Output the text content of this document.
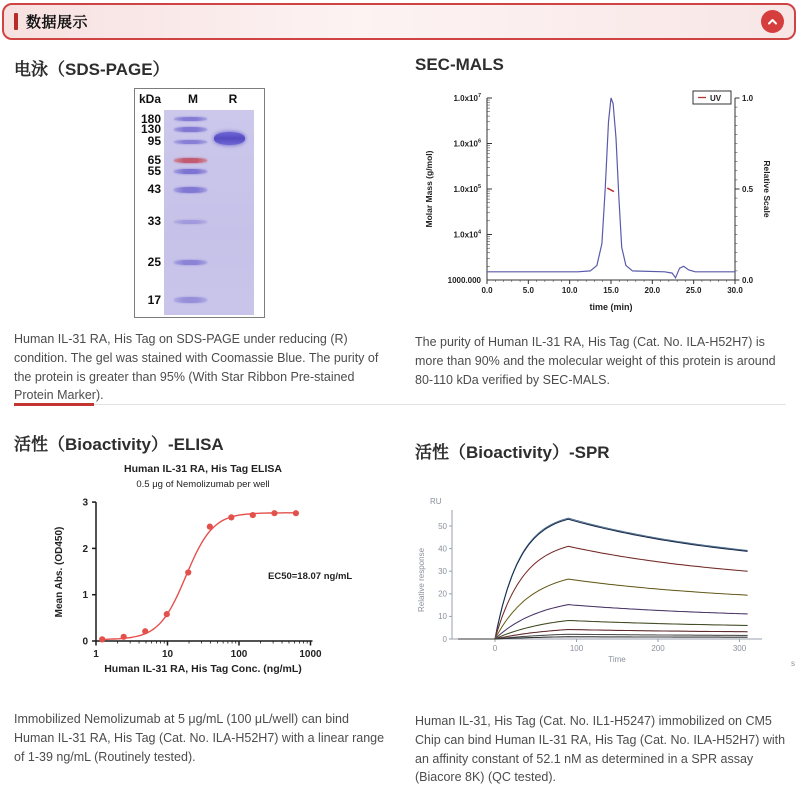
数据展示
电泳（SDS-PAGE）
kDa M	R
180
130
95
65
55
43
33
25
17

Human IL-31 RA, His Tag on SDS-PAGE under reducing (R) condition. The gel was stained with Coomassie Blue. The purity of the protein is greater than 95% (With Star Ribbon Pre-stained Protein Marker).

SEC-MALS
$1.0x10^7$
$1.0x10^6$
$1.0x10^5$
$1.0x10^4$
1000.000
1.0
0.5
0.0
0.0	5.0	10.0	15.0	20.0	25.0	30.0
time (min)
Molar Mass (g/mol)	Relative Scale
UV

The purity of Human IL-31 RA, His Tag (Cat. No. ILA-H52H7) is more than 90% and the molecular weight of this protein is around 80-110 kDa verified by SEC-MALS.

活性（Bioactivity）-ELISA
Human IL-31 RA, His Tag ELISA
0.5 μg of Nemolizumab per well
0
1
2
3
1	10	100	1000
Human IL-31 RA, His Tag Conc. (ng/mL)
Mean Abs. (OD450)	EC50=18.07 ng/mL

Immobilized Nemolizumab at 5 μg/mL (100 μL/well) can bind Human IL-31 RA, His Tag (Cat. No. ILA-H52H7) with a linear range of 1-39 ng/mL (Routinely tested).

活性（Bioactivity）-SPR
0
10
20
30
40
50
0	100	200	300
RU
Relative response
Time	s

Human IL-31, His Tag (Cat. No. IL1-H5247) immobilized on CM5 Chip can bind Human IL-31 RA, His Tag (Cat. No. ILA-H52H7) with an affinity constant of 52.1 nM as determined in a SPR assay (Biacore 8K) (QC tested).
